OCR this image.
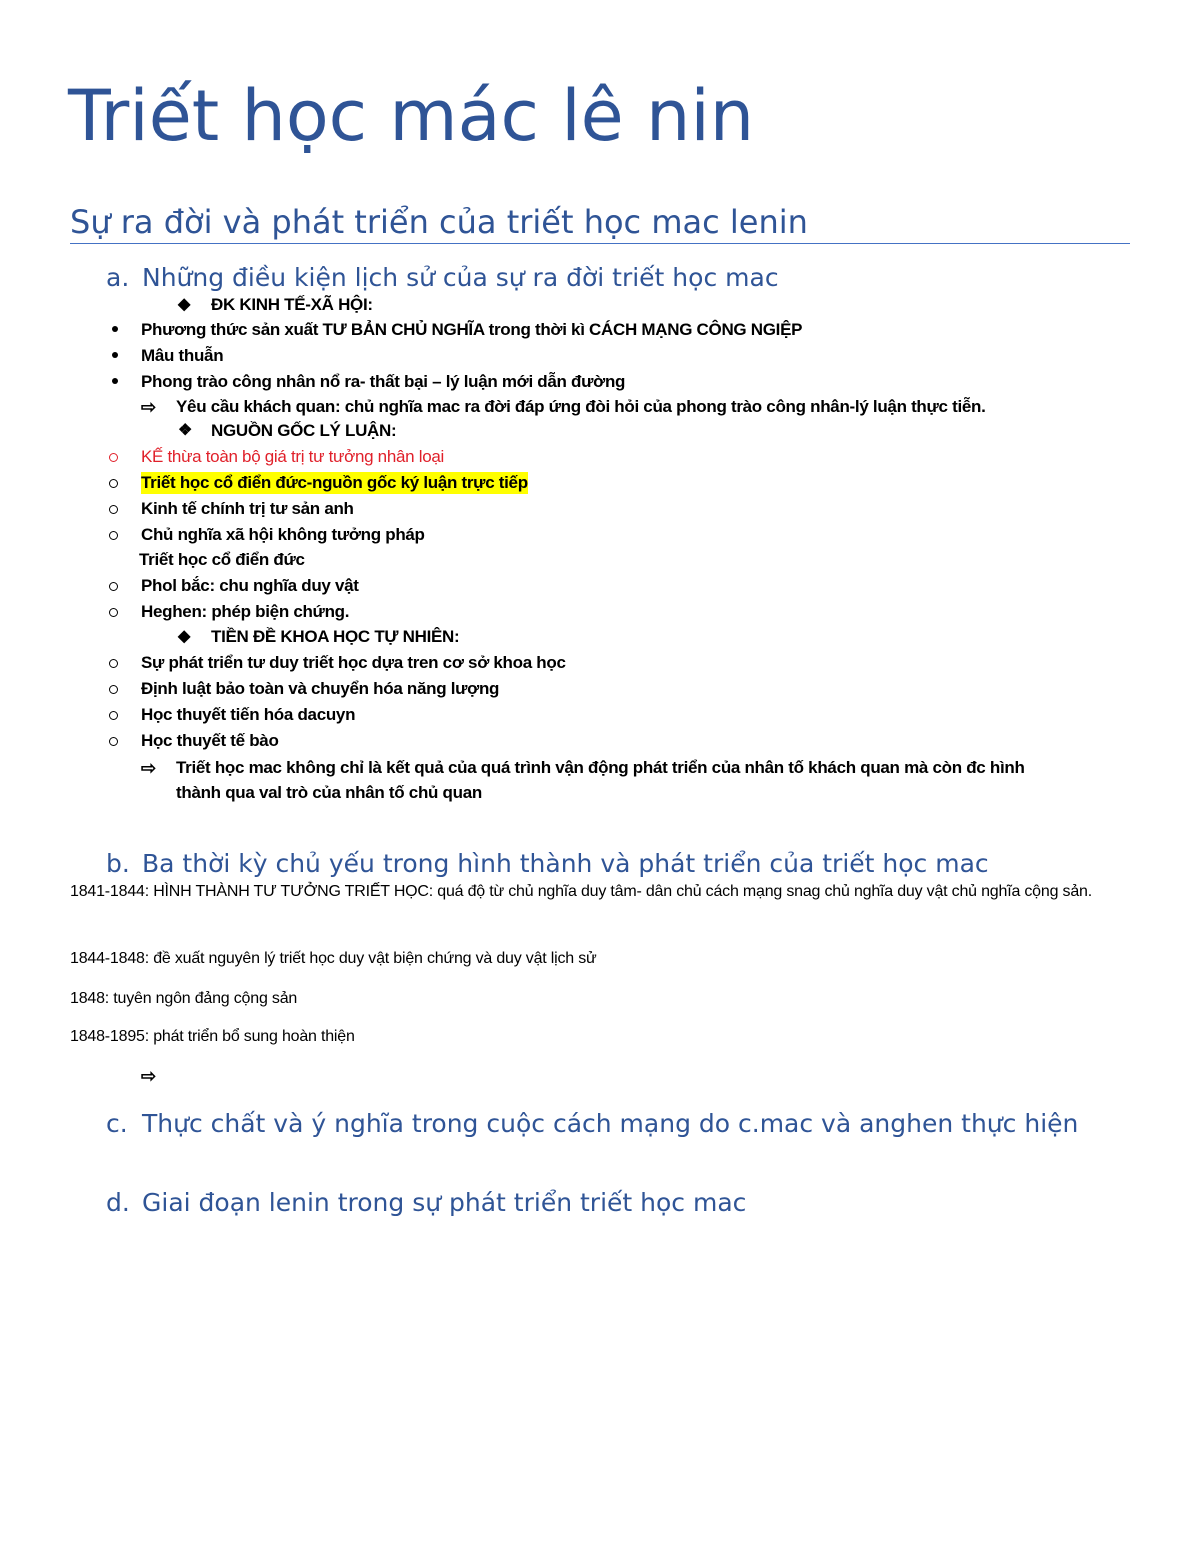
Triết học mác lê nin
Sự ra đời và phát triển của triết học mac lenin
a. Những điều kiện lịch sử của sự ra đời triết học mac
◆ ĐK KINH TẾ-XÃ HỘI:
Phương thức sản xuất TƯ BẢN CHỦ NGHĨA trong thời kì CÁCH MẠNG CÔNG NGIỆP
Mâu thuẫn
Phong trào công nhân nổ ra- thất bại – lý luận mới dẫn đường
⇨ Yêu cầu khách quan: chủ nghĩa mac ra đời đáp ứng đòi hỏi của phong trào công nhân-lý luận thực tiễn.
❖ NGUỒN GỐC LÝ LUẬN:
KẾ thừa toàn bộ giá trị tư tưởng nhân loại
Triết học cổ điển đức-nguồn gốc ký luận trực tiếp
Kinh tế chính trị tư sản anh
Chủ nghĩa xã hội không tưởng pháp
Triết học cổ điển đức
Phol bắc: chu nghĩa duy vật
Heghen: phép biện chứng.
◆ TIỀN ĐỀ KHOA HỌC TỰ NHIÊN:
Sự phát triển tư duy triết học dựa tren cơ sở khoa học
Định luật bảo toàn và chuyển hóa năng lượng
Học thuyết tiến hóa dacuyn
Học thuyết tế bào
⇨ Triết học mac không chỉ là kết quả của quá trình vận động phát triển của nhân tố khách quan mà còn đc hình
thành qua val trò của nhân tố chủ quan
b. Ba thời kỳ chủ yếu trong hình thành và phát triển của triết học mac
1841-1844: HÌNH THÀNH TƯ TƯỞNG TRIẾT HỌC: quá độ từ chủ nghĩa duy tâm- dân chủ cách mạng snag chủ nghĩa duy vật chủ nghĩa cộng sản.
1844-1848: đề xuất nguyên lý triết học duy vật biện chứng và duy vật lịch sử
1848: tuyên ngôn đảng cộng sản
1848-1895: phát triển bổ sung hoàn thiện
⇨
c. Thực chất và ý nghĩa trong cuộc cách mạng do c.mac và anghen thực hiện
d. Giai đoạn lenin trong sự phát triển triết học mac
